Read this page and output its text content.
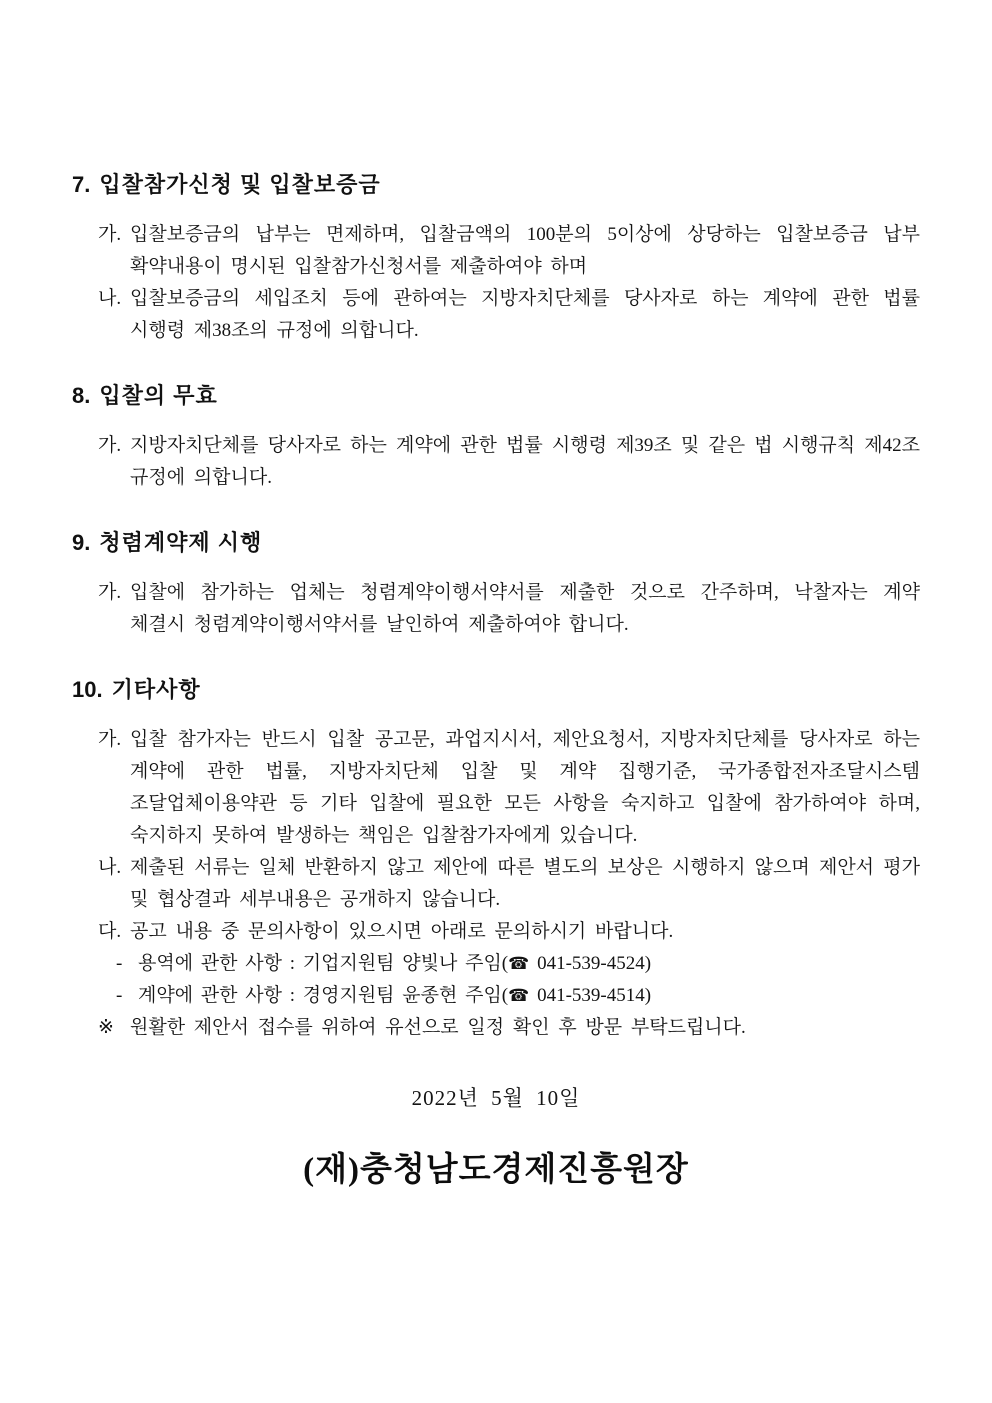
7. 입찰참가신청 및 입찰보증금
가. 입찰보증금의 납부는 면제하며, 입찰금액의 100분의 5이상에 상당하는 입찰보증금 납부 확약내용이 명시된 입찰참가신청서를 제출하여야 하며
나. 입찰보증금의 세입조치 등에 관하여는 지방자치단체를 당사자로 하는 계약에 관한 법률 시행령 제38조의 규정에 의합니다.
8. 입찰의 무효
가. 지방자치단체를 당사자로 하는 계약에 관한 법률 시행령 제39조 및 같은 법 시행규칙 제42조 규정에 의합니다.
9. 청렴계약제 시행
가. 입찰에 참가하는 업체는 청렴계약이행서약서를 제출한 것으로 간주하며, 낙찰자는 계약 체결시 청렴계약이행서약서를 날인하여 제출하여야 합니다.
10. 기타사항
가. 입찰 참가자는 반드시 입찰 공고문, 과업지시서, 제안요청서, 지방자치단체를 당사자로 하는 계약에 관한 법률, 지방자치단체 입찰 및 계약 집행기준, 국가종합전자조달시스템 조달업체이용약관 등 기타 입찰에 필요한 모든 사항을 숙지하고 입찰에 참가하여야 하며, 숙지하지 못하여 발생하는 책임은 입찰참가자에게 있습니다.
나. 제출된 서류는 일체 반환하지 않고 제안에 따른 별도의 보상은 시행하지 않으며 제안서 평가 및 협상결과 세부내용은 공개하지 않습니다.
다. 공고 내용 중 문의사항이 있으시면 아래로 문의하시기 바랍니다.
- 용역에 관한 사항 : 기업지원팀 양빛나 주임(☎ 041-539-4524)
- 계약에 관한 사항 : 경영지원팀 윤종현 주임(☎ 041-539-4514)
※ 원활한 제안서 접수를 위하여 유선으로 일정 확인 후 방문 부탁드립니다.
2022년 5월 10일
(재)충청남도경제진흥원장
